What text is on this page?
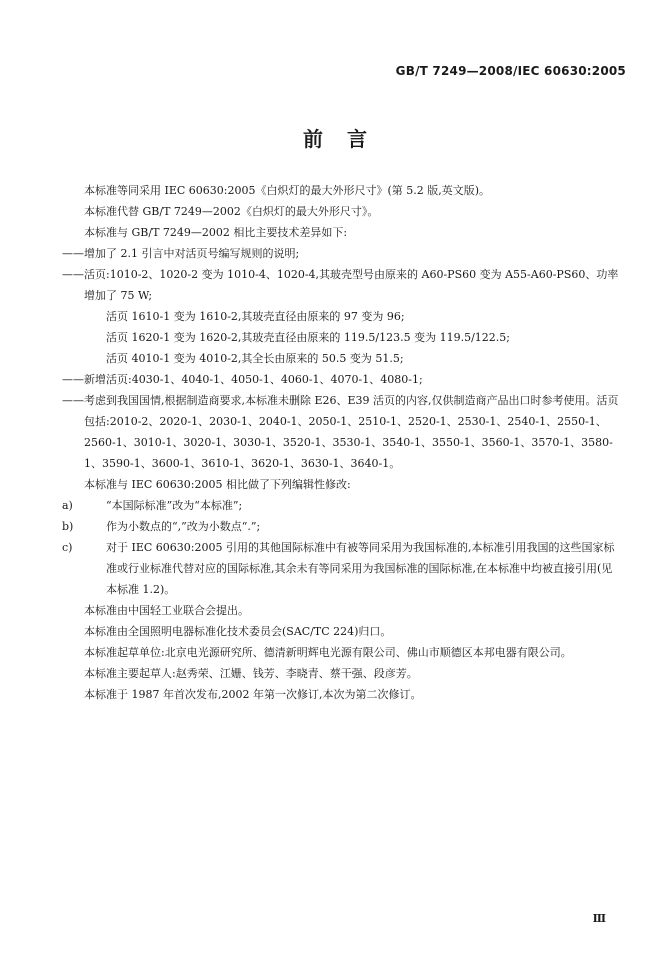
GB/T 7249—2008/IEC 60630:2005
前言

本标准等同采用 IEC 60630:2005《白炽灯的最大外形尺寸》(第 5.2 版,英文版)。

本标准代替 GB/T 7249—2002《白炽灯的最大外形尺寸》。

本标准与 GB/T 7249—2002 相比主要技术差异如下:

——增加了 2.1 引言中对活页号编写规则的说明;

——活页:1010-2、1020-2 变为 1010-4、1020-4,其玻壳型号由原来的 A60-PS60 变为 A55-A60-PS60、功率增加了 75 W;

活页 1610-1 变为 1610-2,其玻壳直径由原来的 97 变为 96;

活页 1620-1 变为 1620-2,其玻壳直径由原来的 119.5/123.5 变为 119.5/122.5;

活页 4010-1 变为 4010-2,其全长由原来的 50.5 变为 51.5;

——新增活页:4030-1、4040-1、4050-1、4060-1、4070-1、4080-1;

——考虑到我国国情,根据制造商要求,本标准未删除 E26、E39 活页的内容,仅供制造商产品出口时参考使用。活页包括:2010-2、2020-1、2030-1、2040-1、2050-1、2510-1、2520-1、2530-1、2540-1、2550-1、2560-1、3010-1、3020-1、3030-1、3520-1、3530-1、3540-1、3550-1、3560-1、3570-1、3580-1、3590-1、3600-1、3610-1、3620-1、3630-1、3640-1。

本标准与 IEC 60630:2005 相比做了下列编辑性修改:

a)	“本国际标准”改为“本标准”;
b)	作为小数点的“,”改为小数点“.”;
c)	对于 IEC 60630:2005 引用的其他国际标准中有被等同采用为我国标准的,本标准引用我国的这些国家标准或行业标准代替对应的国际标准,其余未有等同采用为我国标准的国际标准,在本标准中均被直接引用(见本标准 1.2)。

本标准由中国轻工业联合会提出。

本标准由全国照明电器标准化技术委员会(SAC/TC 224)归口。

本标准起草单位:北京电光源研究所、德清新明辉电光源有限公司、佛山市顺德区本邦电器有限公司。

本标准主要起草人:赵秀荣、江姗、钱芳、李晓青、蔡干强、段彦芳。

本标准于 1987 年首次发布,2002 年第一次修订,本次为第二次修订。

Ⅲ
